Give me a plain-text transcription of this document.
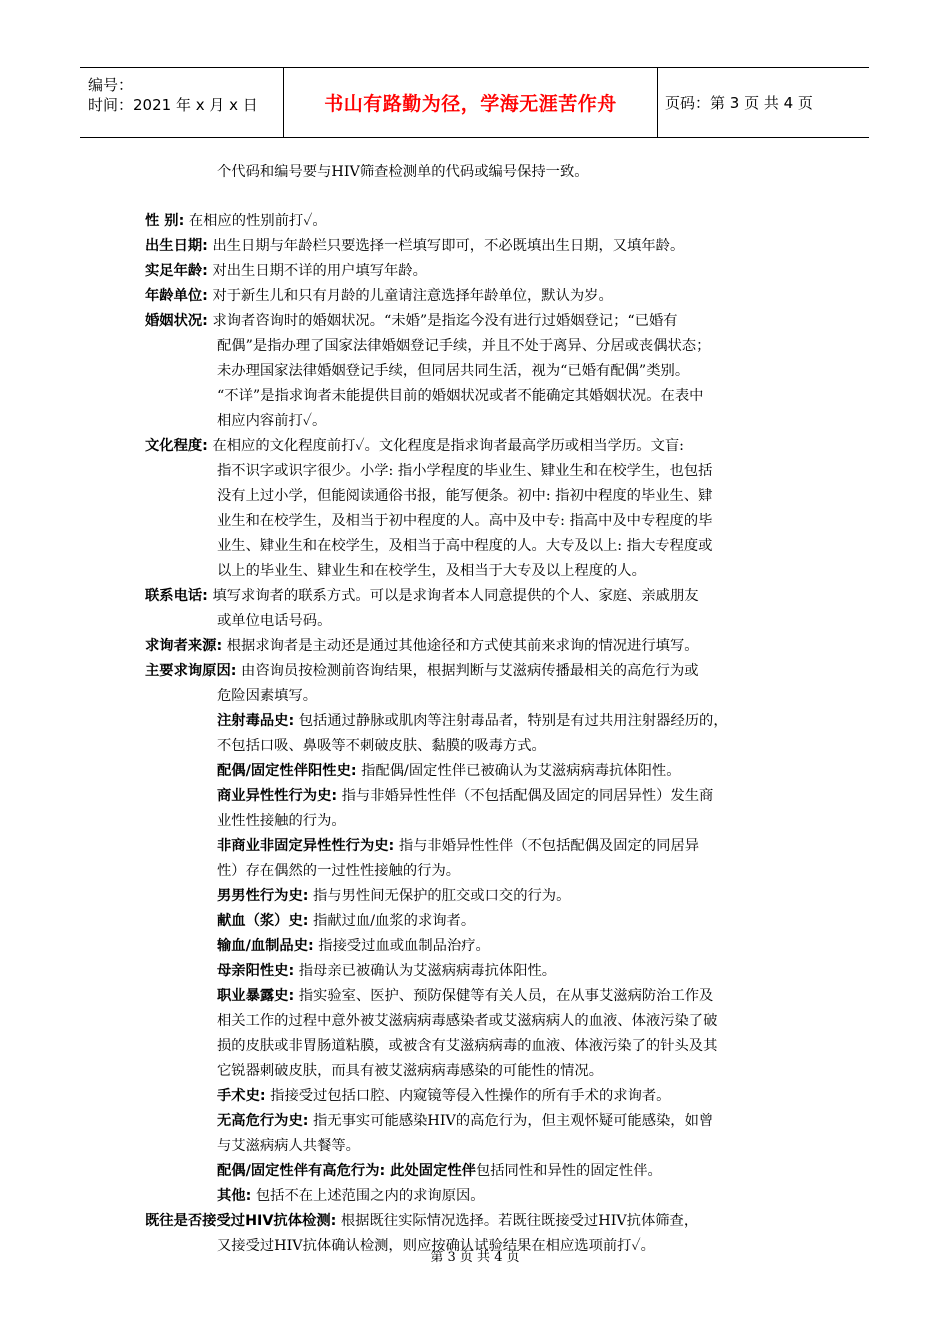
编号：
时间：2021 年 x 月 x 日	书山有路勤为径，学海无涯苦作舟	页码：第 3 页 共 4 页
个代码和编号要与HIV筛查检测单的代码或编号保持一致。
性 别: 在相应的性别前打✓。
出生日期: 出生日期与年龄栏只要选择一栏填写即可，不必既填出生日期，又填年龄。
实足年龄: 对出生日期不详的用户填写年龄。
年龄单位: 对于新生儿和只有月龄的儿童请注意选择年龄单位，默认为岁。
婚姻状况: 求询者咨询时的婚姻状况。“未婚”是指迄今没有进行过婚姻登记；“已婚有
配偶”是指办理了国家法律婚姻登记手续，并且不处于离异、分居或丧偶状态；
未办理国家法律婚姻登记手续，但同居共同生活，视为“已婚有配偶”类别。
“不详”是指求询者未能提供目前的婚姻状况或者不能确定其婚姻状况。在表中
相应内容前打✓。
文化程度: 在相应的文化程度前打✓。文化程度是指求询者最高学历或相当学历。文盲:
指不识字或识字很少。小学: 指小学程度的毕业生、肄业生和在校学生，也包括
没有上过小学，但能阅读通俗书报，能写便条。初中: 指初中程度的毕业生、肄
业生和在校学生，及相当于初中程度的人。高中及中专: 指高中及中专程度的毕
业生、肄业生和在校学生，及相当于高中程度的人。大专及以上: 指大专程度或
以上的毕业生、肄业生和在校学生，及相当于大专及以上程度的人。
联系电话: 填写求询者的联系方式。可以是求询者本人同意提供的个人、家庭、亲戚朋友
或单位电话号码。
求询者来源: 根据求询者是主动还是通过其他途径和方式使其前来求询的情况进行填写。
主要求询原因: 由咨询员按检测前咨询结果，根据判断与艾滋病传播最相关的高危行为或
危险因素填写。
注射毒品史: 包括通过静脉或肌肉等注射毒品者，特别是有过共用注射器经历的，
不包括口吸、鼻吸等不刺破皮肤、黏膜的吸毒方式。
配偶/固定性伴阳性史: 指配偶/固定性伴已被确认为艾滋病病毒抗体阳性。
商业异性性行为史: 指与非婚异性性伴（不包括配偶及固定的同居异性）发生商
业性性接触的行为。
非商业非固定异性性行为史: 指与非婚异性性伴（不包括配偶及固定的同居异
性）存在偶然的一过性性接触的行为。
男男性行为史: 指与男性间无保护的肛交或口交的行为。
献血（浆）史: 指献过血/血浆的求询者。
输血/血制品史: 指接受过血或血制品治疗。
母亲阳性史: 指母亲已被确认为艾滋病病毒抗体阳性。
职业暴露史: 指实验室、医护、预防保健等有关人员，在从事艾滋病防治工作及
相关工作的过程中意外被艾滋病病毒感染者或艾滋病病人的血液、体液污染了破
损的皮肤或非胃肠道粘膜，或被含有艾滋病病毒的血液、体液污染了的针头及其
它锐器刺破皮肤，而具有被艾滋病病毒感染的可能性的情况。
手术史: 指接受过包括口腔、内窥镜等侵入性操作的所有手术的求询者。
无高危行为史: 指无事实可能感染HIV的高危行为，但主观怀疑可能感染，如曾
与艾滋病病人共餐等。
配偶/固定性伴有高危行为: 此处固定性伴包括同性和异性的固定性伴。
其他: 包括不在上述范围之内的求询原因。
既往是否接受过HIV抗体检测: 根据既往实际情况选择。若既往既接受过HIV抗体筛查，
又接受过HIV抗体确认检测，则应按确认试验结果在相应选项前打✓。
第 3 页 共 4 页
